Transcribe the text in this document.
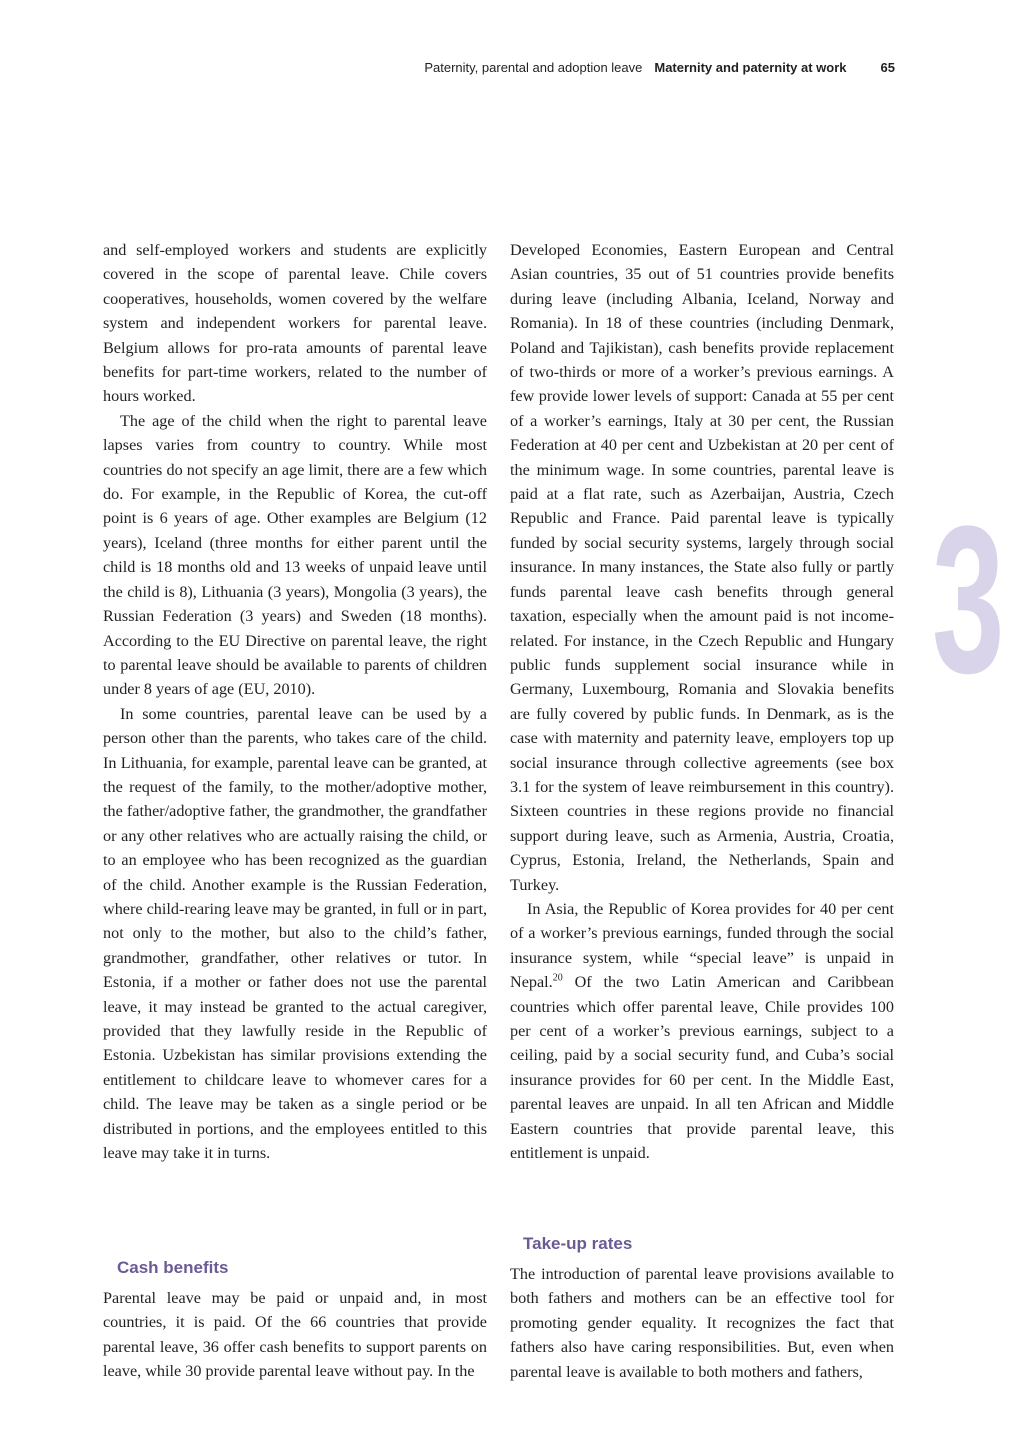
Paternity, parental and adoption leave Maternity and paternity at work	65
3

and self-employed workers and students are explicitly covered in the scope of parental leave. Chile covers cooperatives, households, women covered by the welfare system and independent workers for parental leave. Belgium allows for pro-rata amounts of parental leave benefits for part-time workers, related to the number of hours worked.

The age of the child when the right to parental leave lapses varies from country to country. While most countries do not specify an age limit, there are a few which do. For example, in the Republic of Korea, the cut-off point is 6 years of age. Other examples are Belgium (12 years), Iceland (three months for either parent until the child is 18 months old and 13 weeks of unpaid leave until the child is 8), Lithuania (3 years), Mongolia (3 years), the Russian Federation (3 years) and Sweden (18 months). According to the EU Directive on parental leave, the right to parental leave should be available to parents of children under 8 years of age (EU, 2010).

In some countries, parental leave can be used by a person other than the parents, who takes care of the child. In Lithuania, for example, parental leave can be granted, at the request of the family, to the mother/adoptive mother, the father/adoptive father, the grandmother, the grandfather or any other relatives who are actually raising the child, or to an employee who has been recognized as the guardian of the child. Another example is the Russian Federation, where child-rearing leave may be granted, in full or in part, not only to the mother, but also to the child’s father, grandmother, grandfather, other relatives or tutor. In Estonia, if a mother or father does not use the parental leave, it may instead be granted to the actual caregiver, provided that they lawfully reside in the Republic of Estonia. Uzbekistan has similar provisions extending the entitlement to childcare leave to whomever cares for a child. The leave may be taken as a single period or be distributed in portions, and the employees entitled to this leave may take it in turns.

Developed Economies, Eastern European and Central Asian countries, 35 out of 51 countries provide benefits during leave (including Albania, Iceland, Norway and Romania). In 18 of these countries (including Denmark, Poland and Tajikistan), cash benefits provide replacement of two-thirds or more of a worker’s previous earnings. A few provide lower levels of support: Canada at 55 per cent of a worker’s earnings, Italy at 30 per cent, the Russian Federation at 40 per cent and Uzbekistan at 20 per cent of the minimum wage. In some countries, parental leave is paid at a flat rate, such as Azerbaijan, Austria, Czech Republic and France. Paid parental leave is typically funded by social security systems, largely through social insurance. In many instances, the State also fully or partly funds parental leave cash benefits through general taxation, especially when the amount paid is not income-related. For instance, in the Czech Republic and Hungary public funds supplement social insurance while in Germany, Luxembourg, Romania and Slovakia benefits are fully covered by public funds. In Denmark, as is the case with maternity and paternity leave, employers top up social insurance through collective agreements (see box 3.1 for the system of leave reimbursement in this country). Sixteen countries in these regions provide no financial support during leave, such as Armenia, Austria, Croatia, Cyprus, Estonia, Ireland, the Netherlands, Spain and Turkey.

In Asia, the Republic of Korea provides for 40 per cent of a worker’s previous earnings, funded through the social insurance system, while “special leave” is unpaid in Nepal.$^{20}$ Of the two Latin American and Caribbean countries which offer parental leave, Chile provides 100 per cent of a worker’s previous earnings, subject to a ceiling, paid by a social security fund, and Cuba’s social insurance provides for 60 per cent. In the Middle East, parental leaves are unpaid. In all ten African and Middle Eastern countries that provide parental leave, this entitlement is unpaid.

Cash benefits

Parental leave may be paid or unpaid and, in most countries, it is paid. Of the 66 countries that provide parental leave, 36 offer cash benefits to support parents on leave, while 30 provide parental leave without pay. In the

Take-up rates

The introduction of parental leave provisions available to both fathers and mothers can be an effective tool for promoting gender equality. It recognizes the fact that fathers also have caring responsibilities. But, even when parental leave is available to both mothers and fathers,
